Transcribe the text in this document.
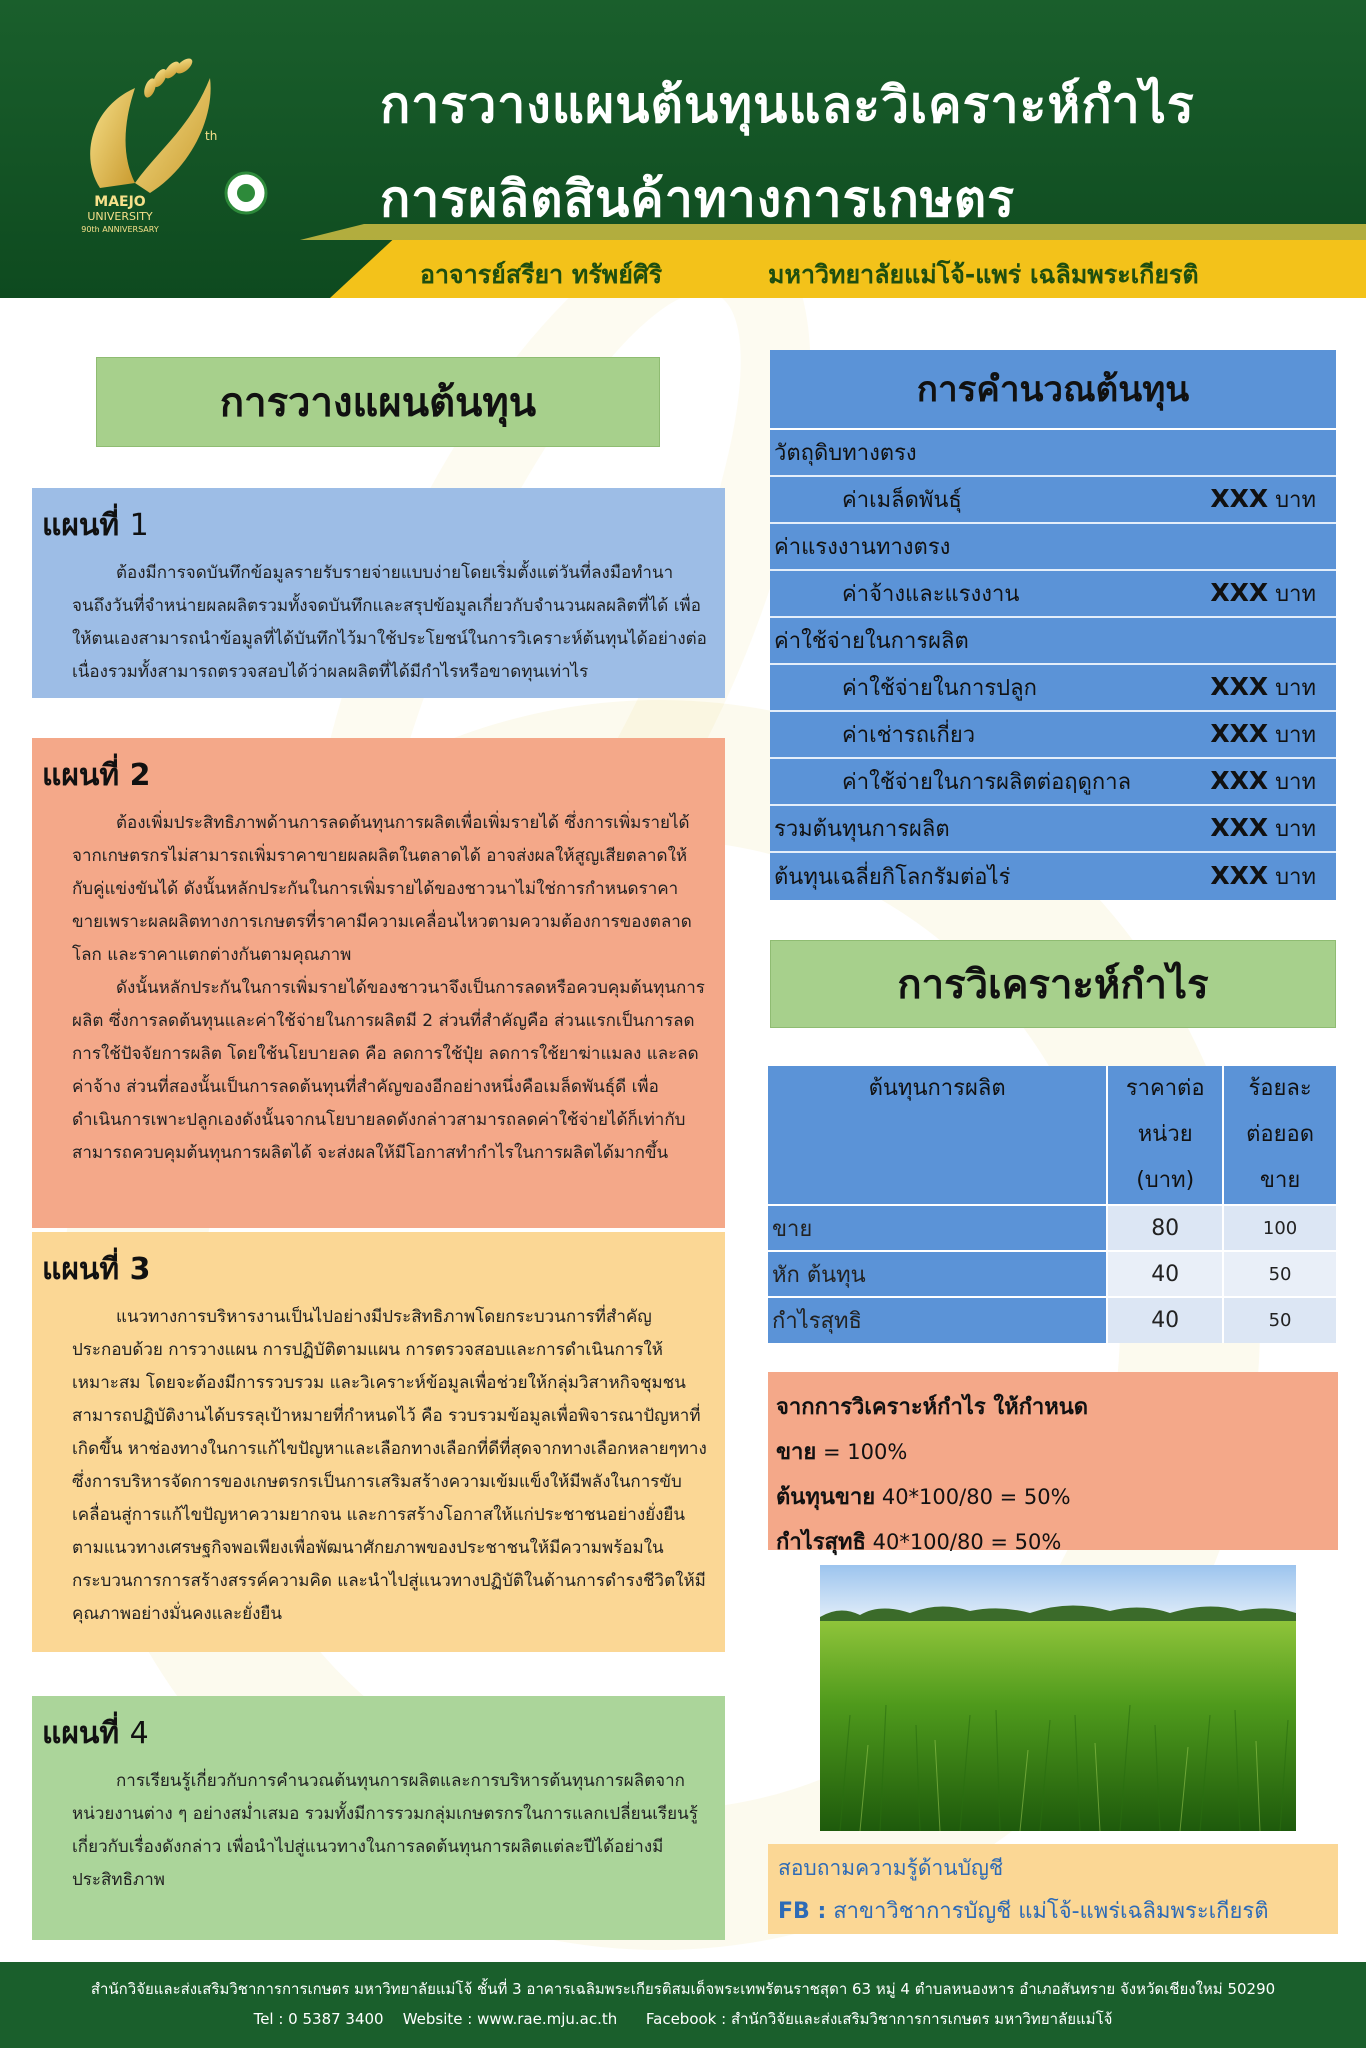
th
MAEJO
UNIVERSITY
90th ANNIVERSARY
การวางแผนต้นทุนและวิเคราะห์กำไร
การผลิตสินค้าทางการเกษตร
อาจารย์สรียา ทรัพย์ศิริ	มหาวิทยาลัยแม่โจ้-แพร่ เฉลิมพระเกียรติ
การวางแผนต้นทุน
แผนที่ 1

ต้องมีการจดบันทึกข้อมูลรายรับรายจ่ายแบบง่ายโดยเริ่มตั้งแต่วันที่ลงมือทำนาจนถึงวันที่จำหน่ายผลผลิตรวมทั้งจดบันทึกและสรุปข้อมูลเกี่ยวกับจำนวนผลผลิตที่ได้ เพื่อให้ตนเองสามารถนำข้อมูลที่ได้บันทึกไว้มาใช้ประโยชน์ในการวิเคราะห์ต้นทุนได้อย่างต่อเนื่องรวมทั้งสามารถตรวจสอบได้ว่าผลผลิตที่ได้มีกำไรหรือขาดทุนเท่าไร

แผนที่ 2

ต้องเพิ่มประสิทธิภาพด้านการลดต้นทุนการผลิตเพื่อเพิ่มรายได้ ซึ่งการเพิ่มรายได้จากเกษตรกรไม่สามารถเพิ่มราคาขายผลผลิตในตลาดได้ อาจส่งผลให้สูญเสียตลาดให้กับคู่แข่งขันได้ ดังนั้นหลักประกันในการเพิ่มรายได้ของชาวนาไม่ใช่การกำหนดราคาขายเพราะผลผลิตทางการเกษตรที่ราคามีความเคลื่อนไหวตามความต้องการของตลาดโลก และราคาแตกต่างกันตามคุณภาพ

ดังนั้นหลักประกันในการเพิ่มรายได้ของชาวนาจึงเป็นการลดหรือควบคุมต้นทุนการผลิต ซึ่งการลดต้นทุนและค่าใช้จ่ายในการผลิตมี 2 ส่วนที่สำคัญคือ ส่วนแรกเป็นการลดการใช้ปัจจัยการผลิต โดยใช้นโยบายลด คือ ลดการใช้ปุ๋ย ลดการใช้ยาฆ่าแมลง และลดค่าจ้าง ส่วนที่สองนั้นเป็นการลดต้นทุนที่สำคัญของอีกอย่างหนึ่งคือเมล็ดพันธุ์ดี เพื่อดำเนินการเพาะปลูกเองดังนั้นจากนโยบายลดดังกล่าวสามารถลดค่าใช้จ่ายได้ก็เท่ากับสามารถควบคุมต้นทุนการผลิตได้ จะส่งผลให้มีโอกาสทำกำไรในการผลิตได้มากขึ้น

แผนที่ 3

แนวทางการบริหารงานเป็นไปอย่างมีประสิทธิภาพโดยกระบวนการที่สำคัญประกอบด้วย การวางแผน การปฏิบัติตามแผน การตรวจสอบและการดำเนินการให้เหมาะสม โดยจะต้องมีการรวบรวม และวิเคราะห์ข้อมูลเพื่อช่วยให้กลุ่มวิสาหกิจชุมชนสามารถปฏิบัติงานได้บรรลุเป้าหมายที่กำหนดไว้ คือ รวบรวมข้อมูลเพื่อพิจารณาปัญหาที่เกิดขึ้น หาช่องทางในการแก้ไขปัญหาและเลือกทางเลือกที่ดีที่สุดจากทางเลือกหลายๆทางซึ่งการบริหารจัดการของเกษตรกรเป็นการเสริมสร้างความเข้มแข็งให้มีพลังในการขับเคลื่อนสู่การแก้ไขปัญหาความยากจน และการสร้างโอกาสให้แก่ประชาชนอย่างยั่งยืนตามแนวทางเศรษฐกิจพอเพียงเพื่อพัฒนาศักยภาพของประชาชนให้มีความพร้อมในกระบวนการการสร้างสรรค์ความคิด และนำไปสู่แนวทางปฏิบัติในด้านการดำรงชีวิตให้มีคุณภาพอย่างมั่นคงและยั่งยืน

แผนที่ 4

การเรียนรู้เกี่ยวกับการคำนวณต้นทุนการผลิตและการบริหารต้นทุนการผลิตจากหน่วยงานต่าง ๆ อย่างสม่ำเสมอ รวมทั้งมีการรวมกลุ่มเกษตรกรในการแลกเปลี่ยนเรียนรู้เกี่ยวกับเรื่องดังกล่าว เพื่อนำไปสู่แนวทางในการลดต้นทุนการผลิตแต่ละปีได้อย่างมีประสิทธิภาพ

การคำนวณต้นทุน
วัตถุดิบทางตรง
ค่าเมล็ดพันธุ์	XXX บาท
ค่าแรงงานทางตรง
ค่าจ้างและแรงงาน	XXX บาท
ค่าใช้จ่ายในการผลิต
ค่าใช้จ่ายในการปลูก	XXX บาท
ค่าเช่ารถเกี่ยว	XXX บาท
ค่าใช้จ่ายในการผลิตต่อฤดูกาล	XXX บาท
รวมต้นทุนการผลิต	XXX บาท
ต้นทุนเฉลี่ยกิโลกรัมต่อไร่	XXX บาท
การวิเคราะห์กำไร
ต้นทุนการผลิต	ราคาต่อหน่วย (บาท)	ร้อยละต่อยอดขาย
ขาย	80	100
หัก ต้นทุน	40	50
กำไรสุทธิ	40	50
จากการวิเคราะห์กำไร ให้กำหนด
ขาย = 100%
ต้นทุนขาย 40*100/80 = 50%
กำไรสุทธิ 40*100/80 = 50%
สอบถามความรู้ด้านบัญชี
FB : สาขาวิชาการบัญชี แม่โจ้-แพร่เฉลิมพระเกียรติ
สำนักวิจัยและส่งเสริมวิชาการการเกษตร มหาวิทยาลัยแม่โจ้ ชั้นที่ 3 อาคารเฉลิมพระเกียรติสมเด็จพระเทพรัตนราชสุดา 63 หมู่ 4 ตำบลหนองหาร อำเภอสันทราย จังหวัดเชียงใหม่ 50290
Tel : 0 5387 3400 Website : www.rae.mju.ac.th Facebook : สำนักวิจัยและส่งเสริมวิชาการการเกษตร มหาวิทยาลัยแม่โจ้
